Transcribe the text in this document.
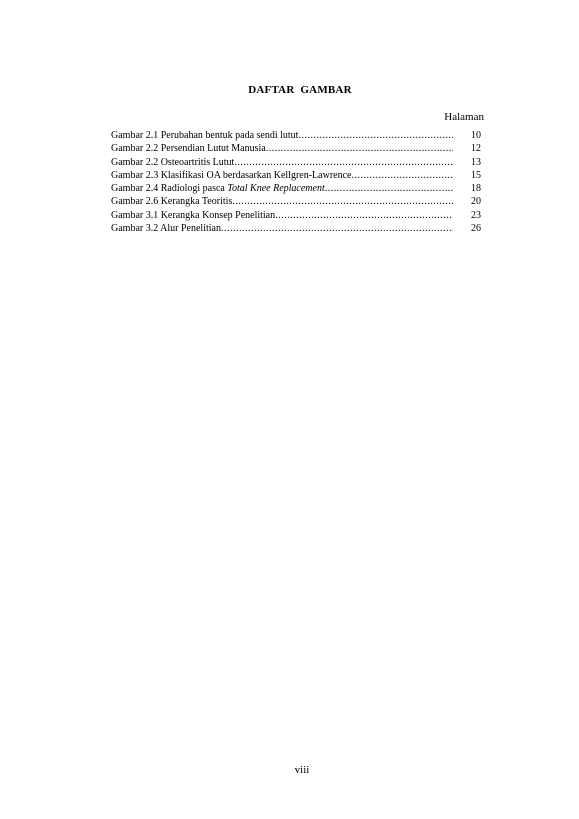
DAFTAR GAMBAR
Halaman
Gambar 2.1 Perubahan bentuk pada sendi lutut .....	10
Gambar 2.2 Persendian Lutut Manusia .....	12
Gambar 2.2 Osteoartritis Lutut .....	13
Gambar 2.3 Klasifikasi OA berdasarkan Kellgren-Lawrence .....	15
Gambar 2.4 Radiologi pasca Total Knee Replacement .....	18
Gambar 2.6 Kerangka Teoritis .....	20
Gambar 3.1 Kerangka Konsep Penelitian .....	23
Gambar 3.2 Alur Penelitian .....	26
viii
